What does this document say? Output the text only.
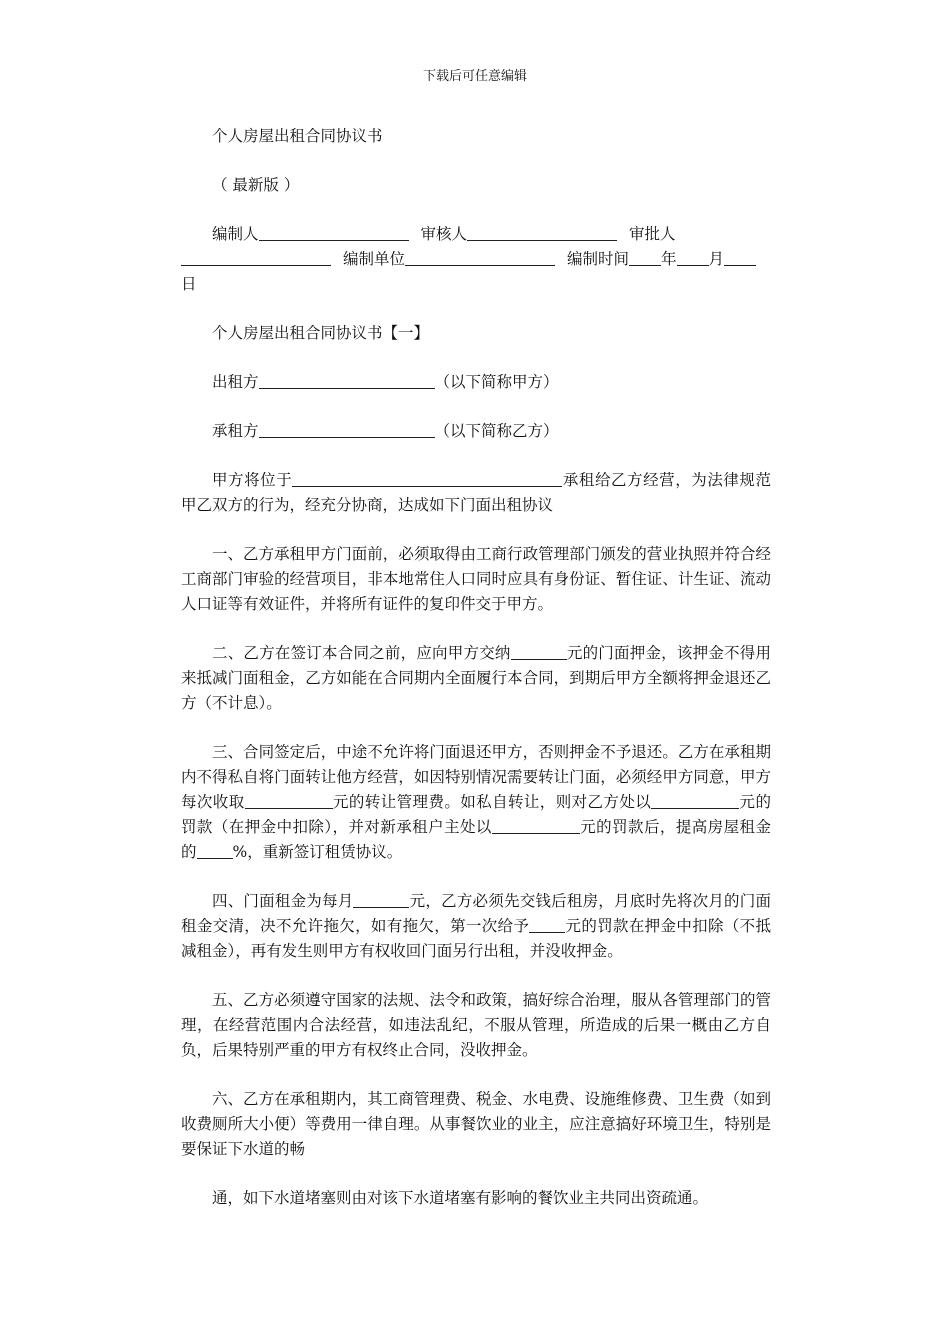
下载后可任意编辑

个人房屋出租合同协议书

（ 最新版 ）

编制人	审核人	审批人编制单位	编制时间 年 月日

个人房屋出租合同协议书【一】

出租方	（以下简称甲方）

承租方	（以下简称乙方）

甲方将位于	承租给乙方经营，为法律规范甲乙双方的行为，经充分协商，达成如下门面出租协议

一、乙方承租甲方门面前，必须取得由工商行政管理部门颁发的营业执照并符合经工商部门审验的经营项目，非本地常住人口同时应具有身份证、暂住证、计生证、流动人口证等有效证件，并将所有证件的复印件交于甲方。

二、乙方在签订本合同之前，应向甲方交纳	元的门面押金，该押金不得用来抵减门面租金，乙方如能在合同期内全面履行本合同，到期后甲方全额将押金退还乙方（不计息）。

三、合同签定后，中途不允许将门面退还甲方，否则押金不予退还。乙方在承租期内不得私自将门面转让他方经营，如因特别情况需要转让门面，必须经甲方同意，甲方每次收取	元的转让管理费。如私自转让，则对乙方处以	元的罚款（在押金中扣除），并对新承租户主处以	元的罚款后，提高房屋租金的 %，重新签订租赁协议。

四、门面租金为每月	元，乙方必须先交钱后租房，月底时先将次月的门面租金交清，决不允许拖欠，如有拖欠，第一次给予 元的罚款在押金中扣除（不抵减租金），再有发生则甲方有权收回门面另行出租，并没收押金。

五、乙方必须遵守国家的法规、法令和政策，搞好综合治理，服从各管理部门的管理，在经营范围内合法经营，如违法乱纪，不服从管理，所造成的后果一概由乙方自负，后果特别严重的甲方有权终止合同，没收押金。

六、乙方在承租期内，其工商管理费、税金、水电费、设施维修费、卫生费（如到收费厕所大小便）等费用一律自理。从事餐饮业的业主，应注意搞好环境卫生，特别是要保证下水道的畅

通，如下水道堵塞则由对该下水道堵塞有影响的餐饮业主共同出资疏通。
